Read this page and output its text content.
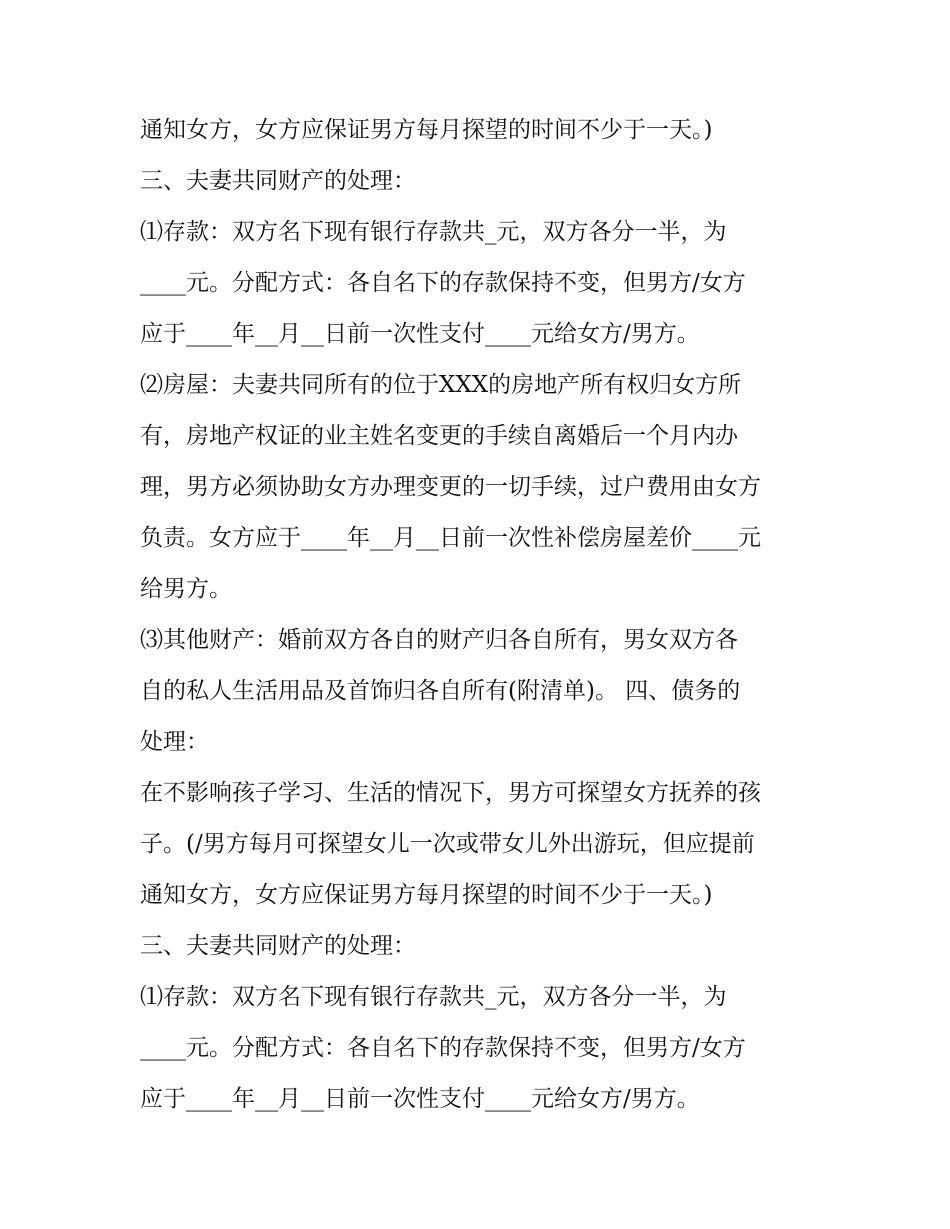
通知女方，女方应保证男方每月探望的时间不少于一天。)
三、夫妻共同财产的处理：
⑴存款：双方名下现有银行存款共_元，双方各分一半，为
____元。分配方式：各自名下的存款保持不变，但男方/女方
应于____年__月__日前一次性支付____元给女方/男方。
⑵房屋：夫妻共同所有的位于XXX的房地产所有权归女方所
有，房地产权证的业主姓名变更的手续自离婚后一个月内办
理，男方必须协助女方办理变更的一切手续，过户费用由女方
负责。女方应于____年__月__日前一次性补偿房屋差价____元
给男方。
⑶其他财产：婚前双方各自的财产归各自所有，男女双方各
自的私人生活用品及首饰归各自所有(附清单)。 四、债务的
处理：
在不影响孩子学习、生活的情况下，男方可探望女方抚养的孩
子。(/男方每月可探望女儿一次或带女儿外出游玩，但应提前
通知女方，女方应保证男方每月探望的时间不少于一天。)
三、夫妻共同财产的处理：
⑴存款：双方名下现有银行存款共_元，双方各分一半，为
____元。分配方式：各自名下的存款保持不变，但男方/女方
应于____年__月__日前一次性支付____元给女方/男方。
